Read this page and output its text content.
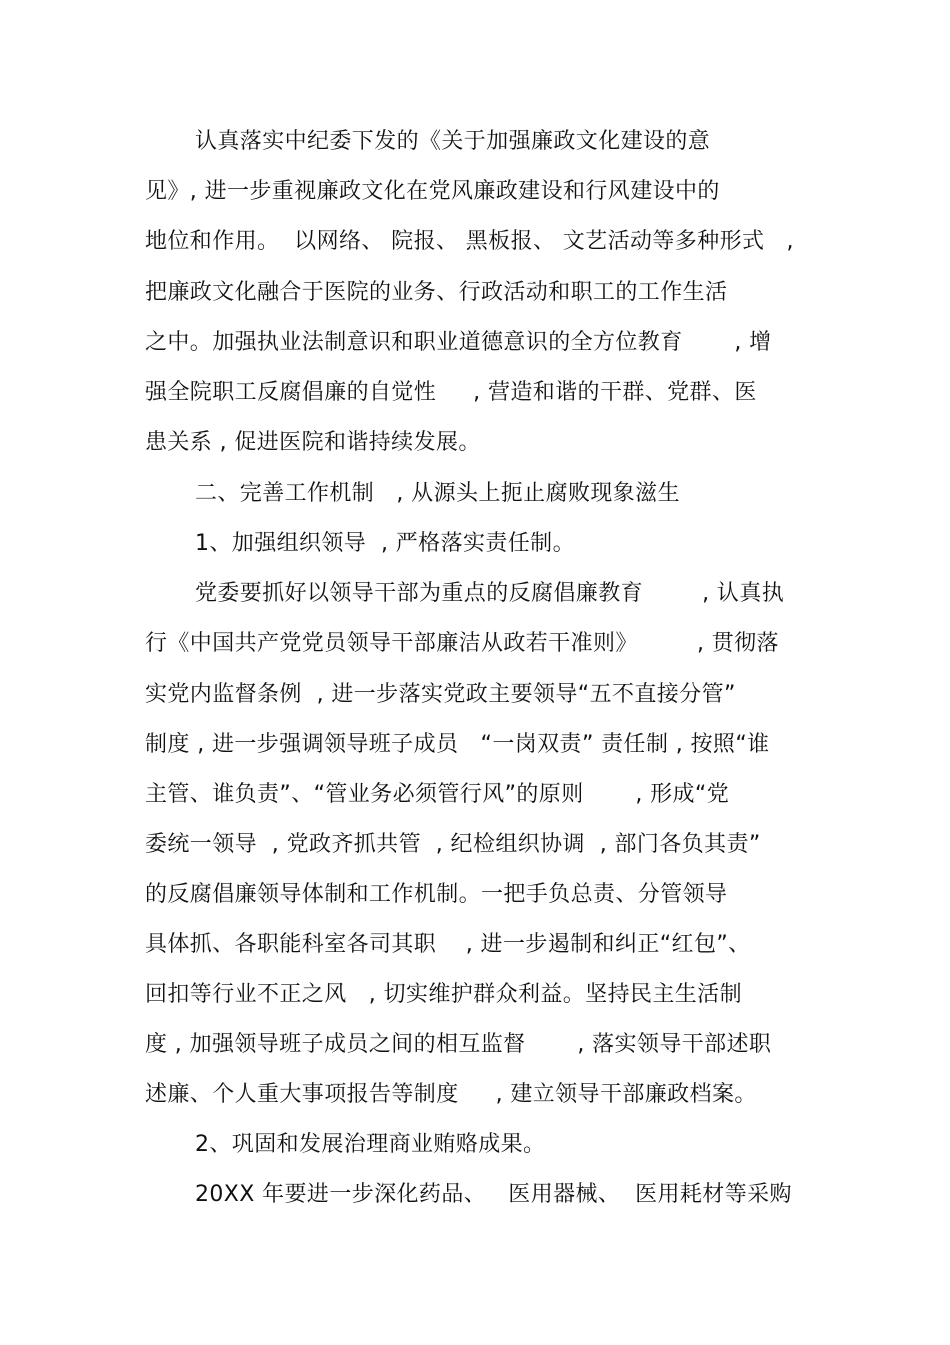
认真落实中纪委下发的《关于加强廉政文化建设的意
见》, 进一步重视廉政文化在党风廉政建设和行风建设中的
地位和作用。  以网络、 院报、 黑板报、 文艺活动等多种形式   ,
把廉政文化融合于医院的业务、行政活动和职工的工作生活
之中。加强执业法制意识和职业道德意识的全方位教育       , 增
强全院职工反腐倡廉的自觉性     , 营造和谐的干群、党群、医
患关系 , 促进医院和谐持续发展。
二、完善工作机制   , 从源头上扼止腐败现象滋生
1、加强组织领导  , 严格落实责任制。
党委要抓好以领导干部为重点的反腐倡廉教育        , 认真执
行《中国共产党党员领导干部廉洁从政若干准则》        , 贯彻落
实党内监督条例  , 进一步落实党政主要领导“五不直接分管”
制度 , 进一步强调领导班子成员   “一岗双责” 责任制 , 按照“谁
主管、谁负责”、“管业务必须管行风”的原则       , 形成“党
委统一领导  , 党政齐抓共管  , 纪检组织协调  , 部门各负其责”
的反腐倡廉领导体制和工作机制。一把手负总责、分管领导
具体抓、各职能科室各司其职    , 进一步遏制和纠正“红包”、
回扣等行业不正之风   , 切实维护群众利益。坚持民主生活制
度 , 加强领导班子成员之间的相互监督       , 落实领导干部述职
述廉、个人重大事项报告等制度     , 建立领导干部廉政档案。
2、巩固和发展治理商业贿赂成果。
20XX 年要进一步深化药品、   医用器械、  医用耗材等采购
